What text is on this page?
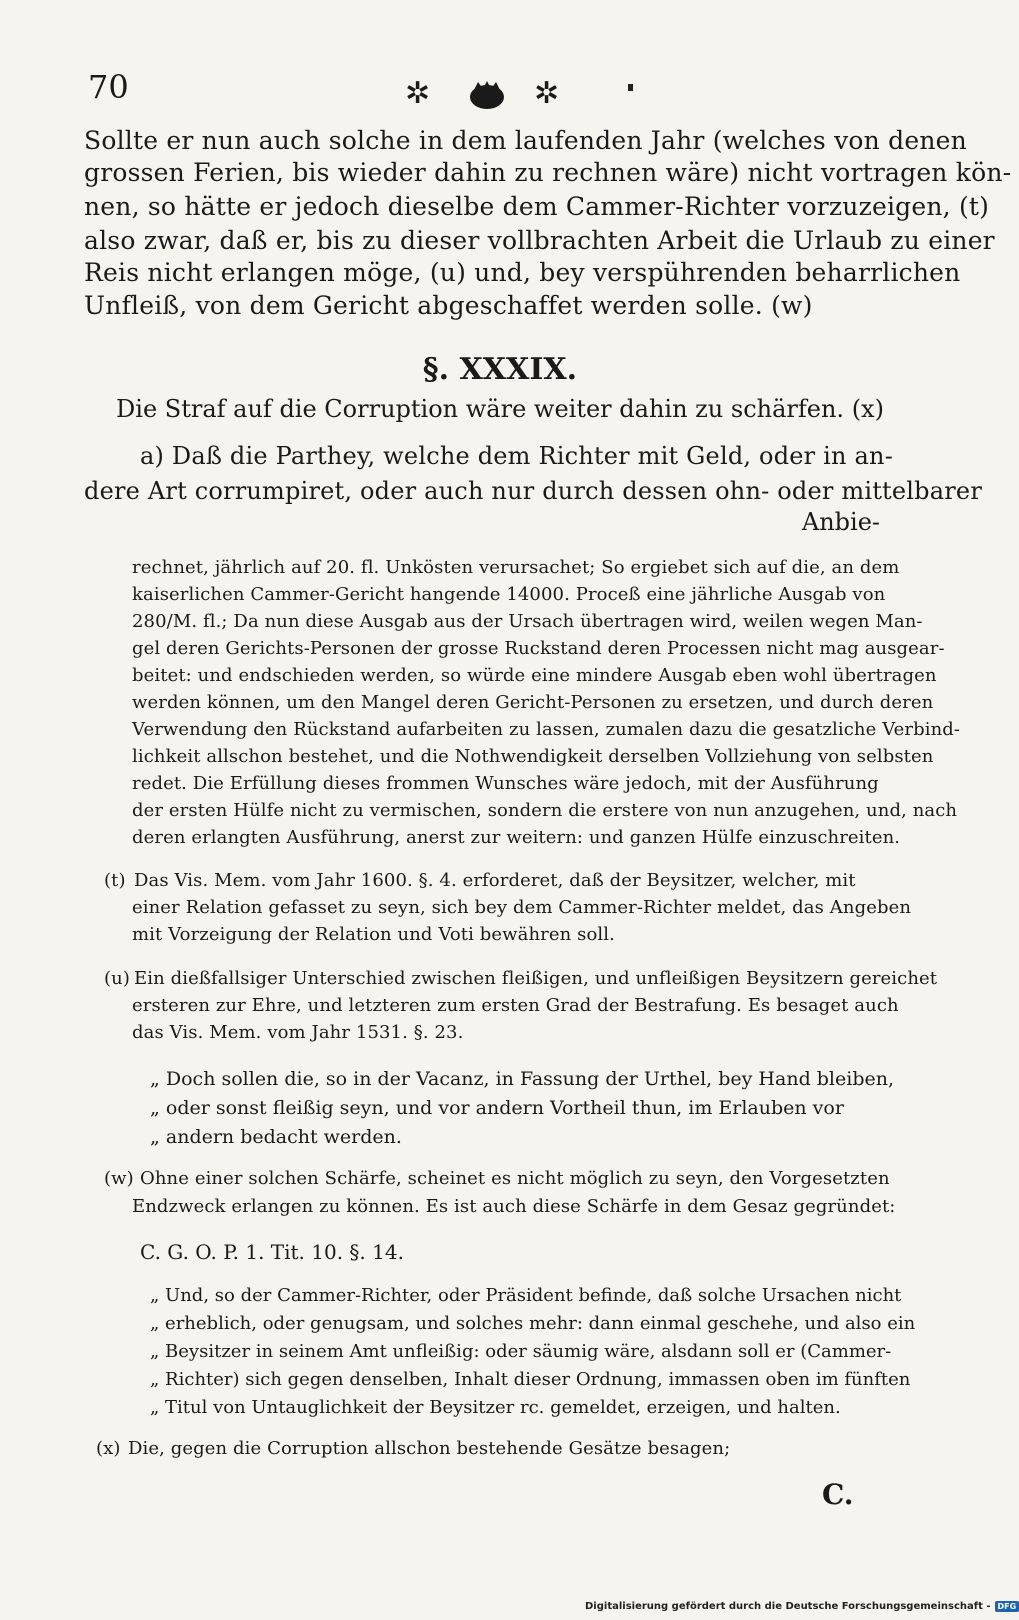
70	✲	✲
Sollte er nun auch solche in dem laufenden Jahr (welches von denen
grossen Ferien, bis wieder dahin zu rechnen wäre) nicht vortragen kön-
nen, so hätte er jedoch dieselbe dem Cammer-Richter vorzuzeigen, (t)
also zwar, daß er, bis zu dieser vollbrachten Arbeit die Urlaub zu einer
Reis nicht erlangen möge, (u) und, bey verspührenden beharrlichen
Unfleiß, von dem Gericht abgeschaffet werden solle. (w)
§. XXXIX.
Die Straf auf die Corruption wäre weiter dahin zu schärfen. (x)
a) Daß die Parthey, welche dem Richter mit Geld, oder in an-
dere Art corrumpiret, oder auch nur durch dessen ohn- oder mittelbarer
Anbie-
rechnet, jährlich auf 20. fl. Unkösten verursachet; So ergiebet sich auf die, an dem
kaiserlichen Cammer-Gericht hangende 14000. Proceß eine jährliche Ausgab von
280/M. fl.; Da nun diese Ausgab aus der Ursach übertragen wird, weilen wegen Man-
gel deren Gerichts-Personen der grosse Ruckstand deren Processen nicht mag ausgear-
beitet: und endschieden werden, so würde eine mindere Ausgab eben wohl übertragen
werden können, um den Mangel deren Gericht-Personen zu ersetzen, und durch deren
Verwendung den Rückstand aufarbeiten zu lassen, zumalen dazu die gesatzliche Verbind-
lichkeit allschon bestehet, und die Nothwendigkeit derselben Vollziehung von selbsten
redet. Die Erfüllung dieses frommen Wunsches wäre jedoch, mit der Ausführung
der ersten Hülfe nicht zu vermischen, sondern die erstere von nun anzugehen, und, nach
deren erlangten Ausführung, anerst zur weitern: und ganzen Hülfe einzuschreiten.
(t) Das Vis. Mem. vom Jahr 1600. §. 4. erforderet, daß der Beysitzer, welcher, mit
einer Relation gefasset zu seyn, sich bey dem Cammer-Richter meldet, das Angeben
mit Vorzeigung der Relation und Voti bewähren soll.
(u) Ein dießfallsiger Unterschied zwischen fleißigen, und unfleißigen Beysitzern gereichet
ersteren zur Ehre, und letzteren zum ersten Grad der Bestrafung. Es besaget auch
das Vis. Mem. vom Jahr 1531. §. 23.
„ Doch sollen die, so in der Vacanz, in Fassung der Urthel, bey Hand bleiben,
„ oder sonst fleißig seyn, und vor andern Vortheil thun, im Erlauben vor
„ andern bedacht werden.
(w) Ohne einer solchen Schärfe, scheinet es nicht möglich zu seyn, den Vorgesetzten
Endzweck erlangen zu können. Es ist auch diese Schärfe in dem Gesaz gegründet:
C. G. O. P. 1. Tit. 10. §. 14.
„ Und, so der Cammer-Richter, oder Präsident befinde, daß solche Ursachen nicht
„ erheblich, oder genugsam, und solches mehr: dann einmal geschehe, und also ein
„ Beysitzer in seinem Amt unfleißig: oder säumig wäre, alsdann soll er (Cammer-
„ Richter) sich gegen denselben, Inhalt dieser Ordnung, immassen oben im fünften
„ Titul von Untauglichkeit der Beysitzer rc. gemeldet, erzeigen, und halten.
(x) Die, gegen die Corruption allschon bestehende Gesätze besagen;
C.
Digitalisierung gefördert durch die Deutsche Forschungsgemeinschaft - DFG
